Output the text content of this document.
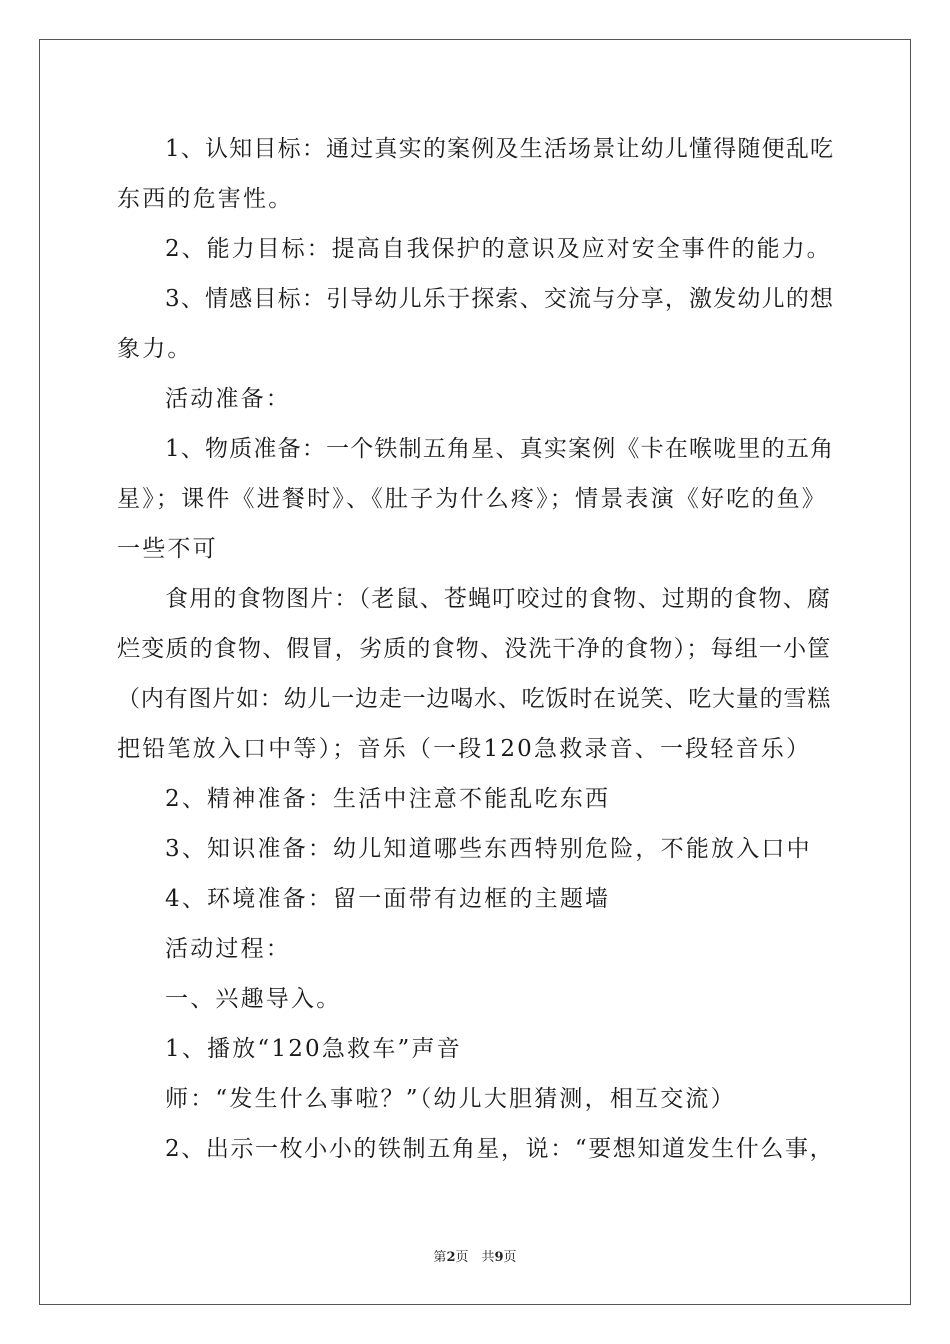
1、认知目标：通过真实的案例及生活场景让幼儿懂得随便乱吃
东西的危害性。
2、能力目标：提高自我保护的意识及应对安全事件的能力。
3、情感目标：引导幼儿乐于探索、交流与分享，激发幼儿的想
象力。
活动准备：
1、物质准备：一个铁制五角星、真实案例《卡在喉咙里的五角
星》；课件《进餐时》、《肚子为什么疼》；情景表演《好吃的鱼》
一些不可
食用的食物图片：（老鼠、苍蝇叮咬过的食物、过期的食物、腐
烂变质的食物、假冒，劣质的食物、没洗干净的食物）；每组一小筐
（内有图片如：幼儿一边走一边喝水、吃饭时在说笑、吃大量的雪糕
把铅笔放入口中等）；音乐（一段120急救录音、一段轻音乐）
2、精神准备：生活中注意不能乱吃东西
3、知识准备：幼儿知道哪些东西特别危险，不能放入口中
4、环境准备：留一面带有边框的主题墙
活动过程：
一、兴趣导入。
1、播放“120急救车”声音
师：“发生什么事啦？”（幼儿大胆猜测，相互交流）
2、出示一枚小小的铁制五角星，说：“要想知道发生什么事，
第2页　共9页
